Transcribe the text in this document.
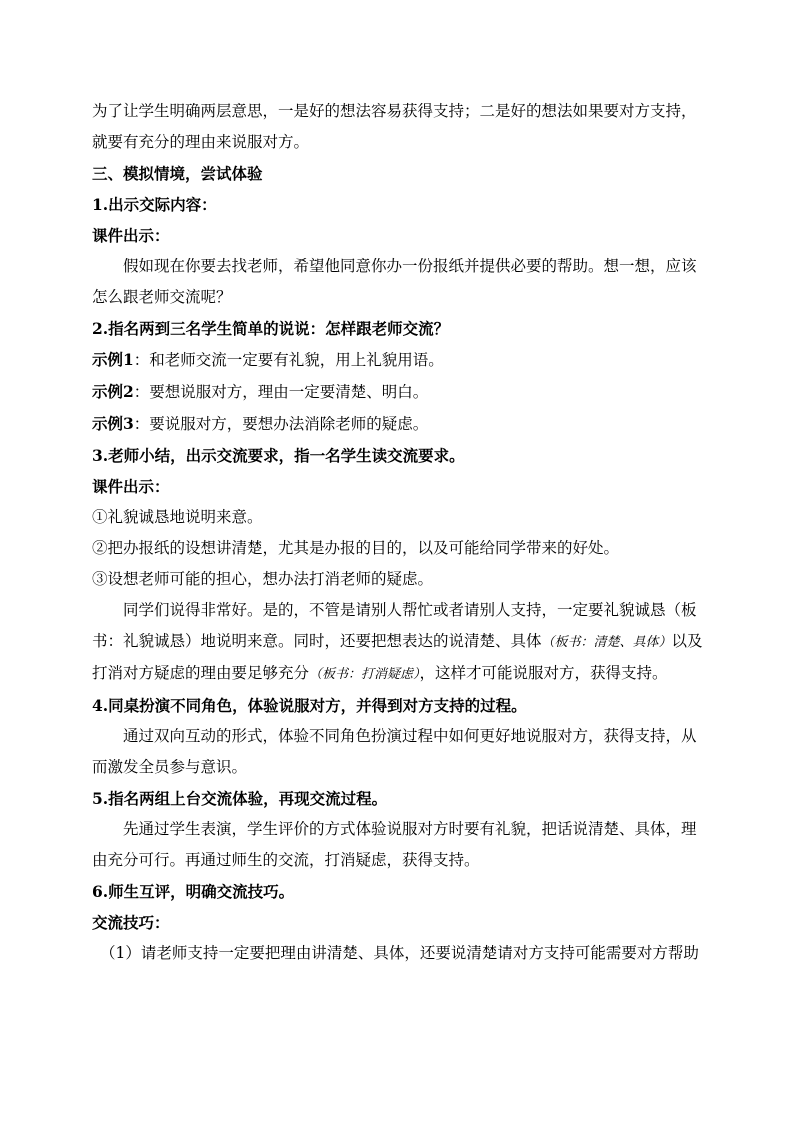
为了让学生明确两层意思，一是好的想法容易获得支持；二是好的想法如果要对方支持，就要有充分的理由来说服对方。

三、模拟情境，尝试体验

1.出示交际内容：

课件出示：

假如现在你要去找老师，希望他同意你办一份报纸并提供必要的帮助。想一想，应该怎么跟老师交流呢？

2.指名两到三名学生简单的说说：怎样跟老师交流？

示例1：和老师交流一定要有礼貌，用上礼貌用语。

示例2：要想说服对方，理由一定要清楚、明白。

示例3：要说服对方，要想办法消除老师的疑虑。

3.老师小结，出示交流要求，指一名学生读交流要求。

课件出示：

①礼貌诚恳地说明来意。

②把办报纸的设想讲清楚，尤其是办报的目的，以及可能给同学带来的好处。

③设想老师可能的担心，想办法打消老师的疑虑。

同学们说得非常好。是的，不管是请别人帮忙或者请别人支持，一定要礼貌诚恳（板书：礼貌诚恳）地说明来意。同时，还要把想表达的说清楚、具体（板书：清楚、具体）以及打消对方疑虑的理由要足够充分（板书：打消疑虑），这样才可能说服对方，获得支持。

4.同桌扮演不同角色，体验说服对方，并得到对方支持的过程。

通过双向互动的形式，体验不同角色扮演过程中如何更好地说服对方，获得支持，从而激发全员参与意识。

5.指名两组上台交流体验，再现交流过程。

先通过学生表演，学生评价的方式体验说服对方时要有礼貌，把话说清楚、具体，理由充分可行。再通过师生的交流，打消疑虑，获得支持。

6.师生互评，明确交流技巧。

交流技巧：

（1）请老师支持一定要把理由讲清楚、具体，还要说清楚请对方支持可能需要对方帮助
